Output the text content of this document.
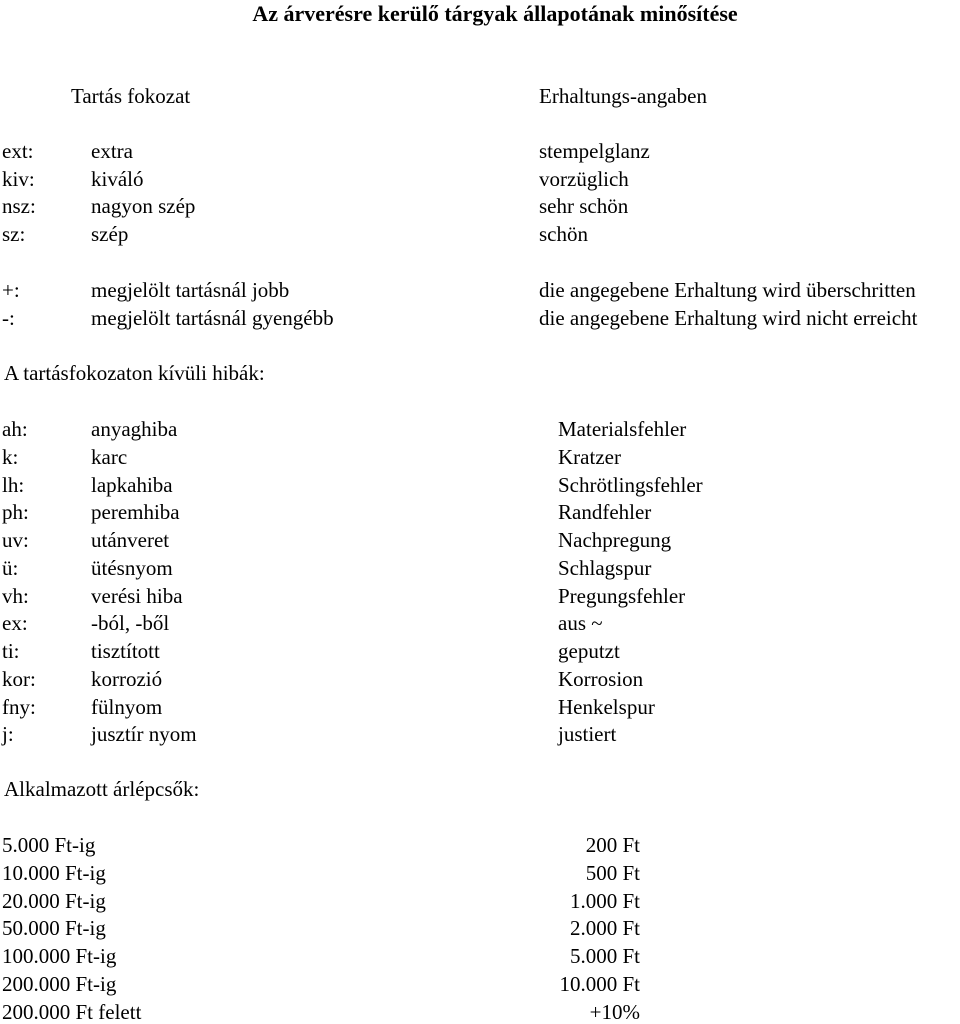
Az árverésre kerülő tárgyak állapotának minősítése
Tartás fokozat	Erhaltungs-angaben
ext:	extra	stempelglanz
kiv:	kiváló	vorzüglich
nsz:	nagyon szép	sehr schön
sz:	szép	schön
+:	megjelölt tartásnál jobb	die angegebene Erhaltung wird überschritten
-:	megjelölt tartásnál gyengébb	die angegebene Erhaltung wird nicht erreicht
A tartásfokozaton kívüli hibák:
ah:	anyaghiba	Materialsfehler
k:	karc	Kratzer
lh:	lapkahiba	Schrötlingsfehler
ph:	peremhiba	Randfehler
uv:	utánveret	Nachpregung
ü:	ütésnyom	Schlagspur
vh:	verési hiba	Pregungsfehler
ex:	-ból, -ből	aus ~
ti:	tisztított	geputzt
kor:	korrozió	Korrosion
fny:	fülnyom	Henkelspur
j:	jusztír nyom	justiert
Alkalmazott árlépcsők:
5.000 Ft-ig	200 Ft
10.000 Ft-ig	500 Ft
20.000 Ft-ig	1.000 Ft
50.000 Ft-ig	2.000 Ft
100.000 Ft-ig	5.000 Ft
200.000 Ft-ig	10.000 Ft
200.000 Ft felett	+10%
